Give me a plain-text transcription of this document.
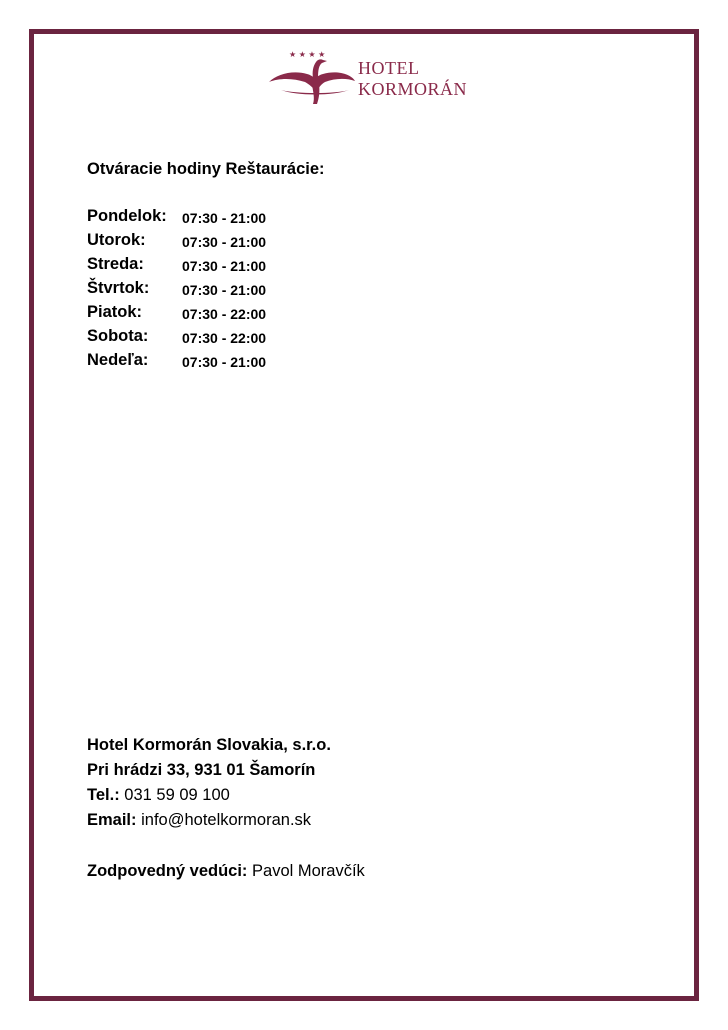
★ ★ ★ ★
HOTEL
KORMORÁN
Otváracie hodiny Reštaurácie:
Pondelok: 07:30 - 21:00
Utorok:	07:30 - 21:00
Streda:	07:30 - 21:00
Štvrtok: 07:30 - 21:00
Piatok:	07:30 - 22:00
Sobota: 07:30 - 22:00
Nedeľa: 07:30 - 21:00
Hotel Kormorán Slovakia, s.r.o.
Pri hrádzi 33, 931 01 Šamorín
Tel.: 031 59 09 100
Email: info@hotelkormoran.sk
Zodpovedný vedúci: Pavol Moravčík
